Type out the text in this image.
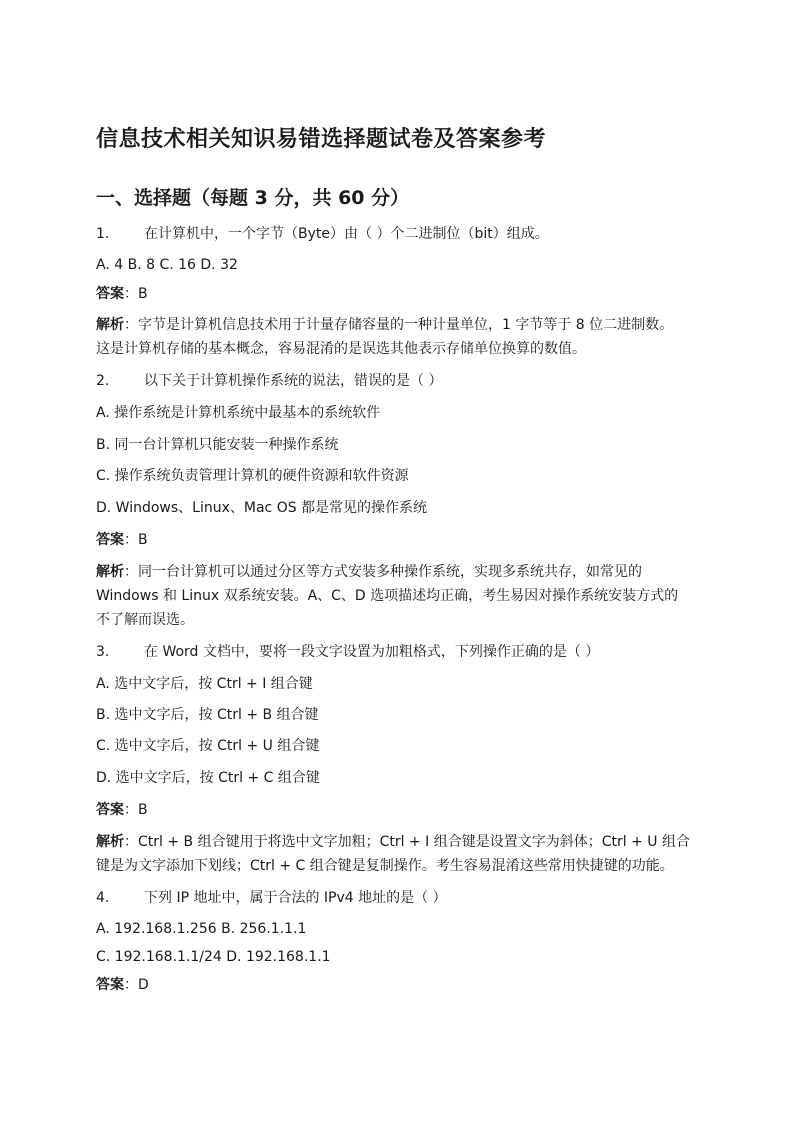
信息技术相关知识易错选择题试卷及答案参考
一、选择题（每题 3 分，共 60 分）
1. 在计算机中，一个字节（Byte）由（ ）个二进制位（bit）组成。
A. 4 B. 8 C. 16 D. 32
答案：B
解析：字节是计算机信息技术用于计量存储容量的一种计量单位，1 字节等于 8 位二进制数。
这是计算机存储的基本概念，容易混淆的是误选其他表示存储单位换算的数值。
2. 以下关于计算机操作系统的说法，错误的是（ ）
A. 操作系统是计算机系统中最基本的系统软件
B. 同一台计算机只能安装一种操作系统
C. 操作系统负责管理计算机的硬件资源和软件资源
D. Windows、Linux、Mac OS 都是常见的操作系统
答案：B
解析：同一台计算机可以通过分区等方式安装多种操作系统，实现多系统共存，如常见的
Windows 和 Linux 双系统安装。A、C、D 选项描述均正确，考生易因对操作系统安装方式的
不了解而误选。
3. 在 Word 文档中，要将一段文字设置为加粗格式，下列操作正确的是（ ）
A. 选中文字后，按 Ctrl + I 组合键
B. 选中文字后，按 Ctrl + B 组合键
C. 选中文字后，按 Ctrl + U 组合键
D. 选中文字后，按 Ctrl + C 组合键
答案：B
解析：Ctrl + B 组合键用于将选中文字加粗；Ctrl + I 组合键是设置文字为斜体；Ctrl + U 组合
键是为文字添加下划线；Ctrl + C 组合键是复制操作。考生容易混淆这些常用快捷键的功能。
4. 下列 IP 地址中，属于合法的 IPv4 地址的是（ ）
A. 192.168.1.256 B. 256.1.1.1
C. 192.168.1.1/24 D. 192.168.1.1
答案：D
